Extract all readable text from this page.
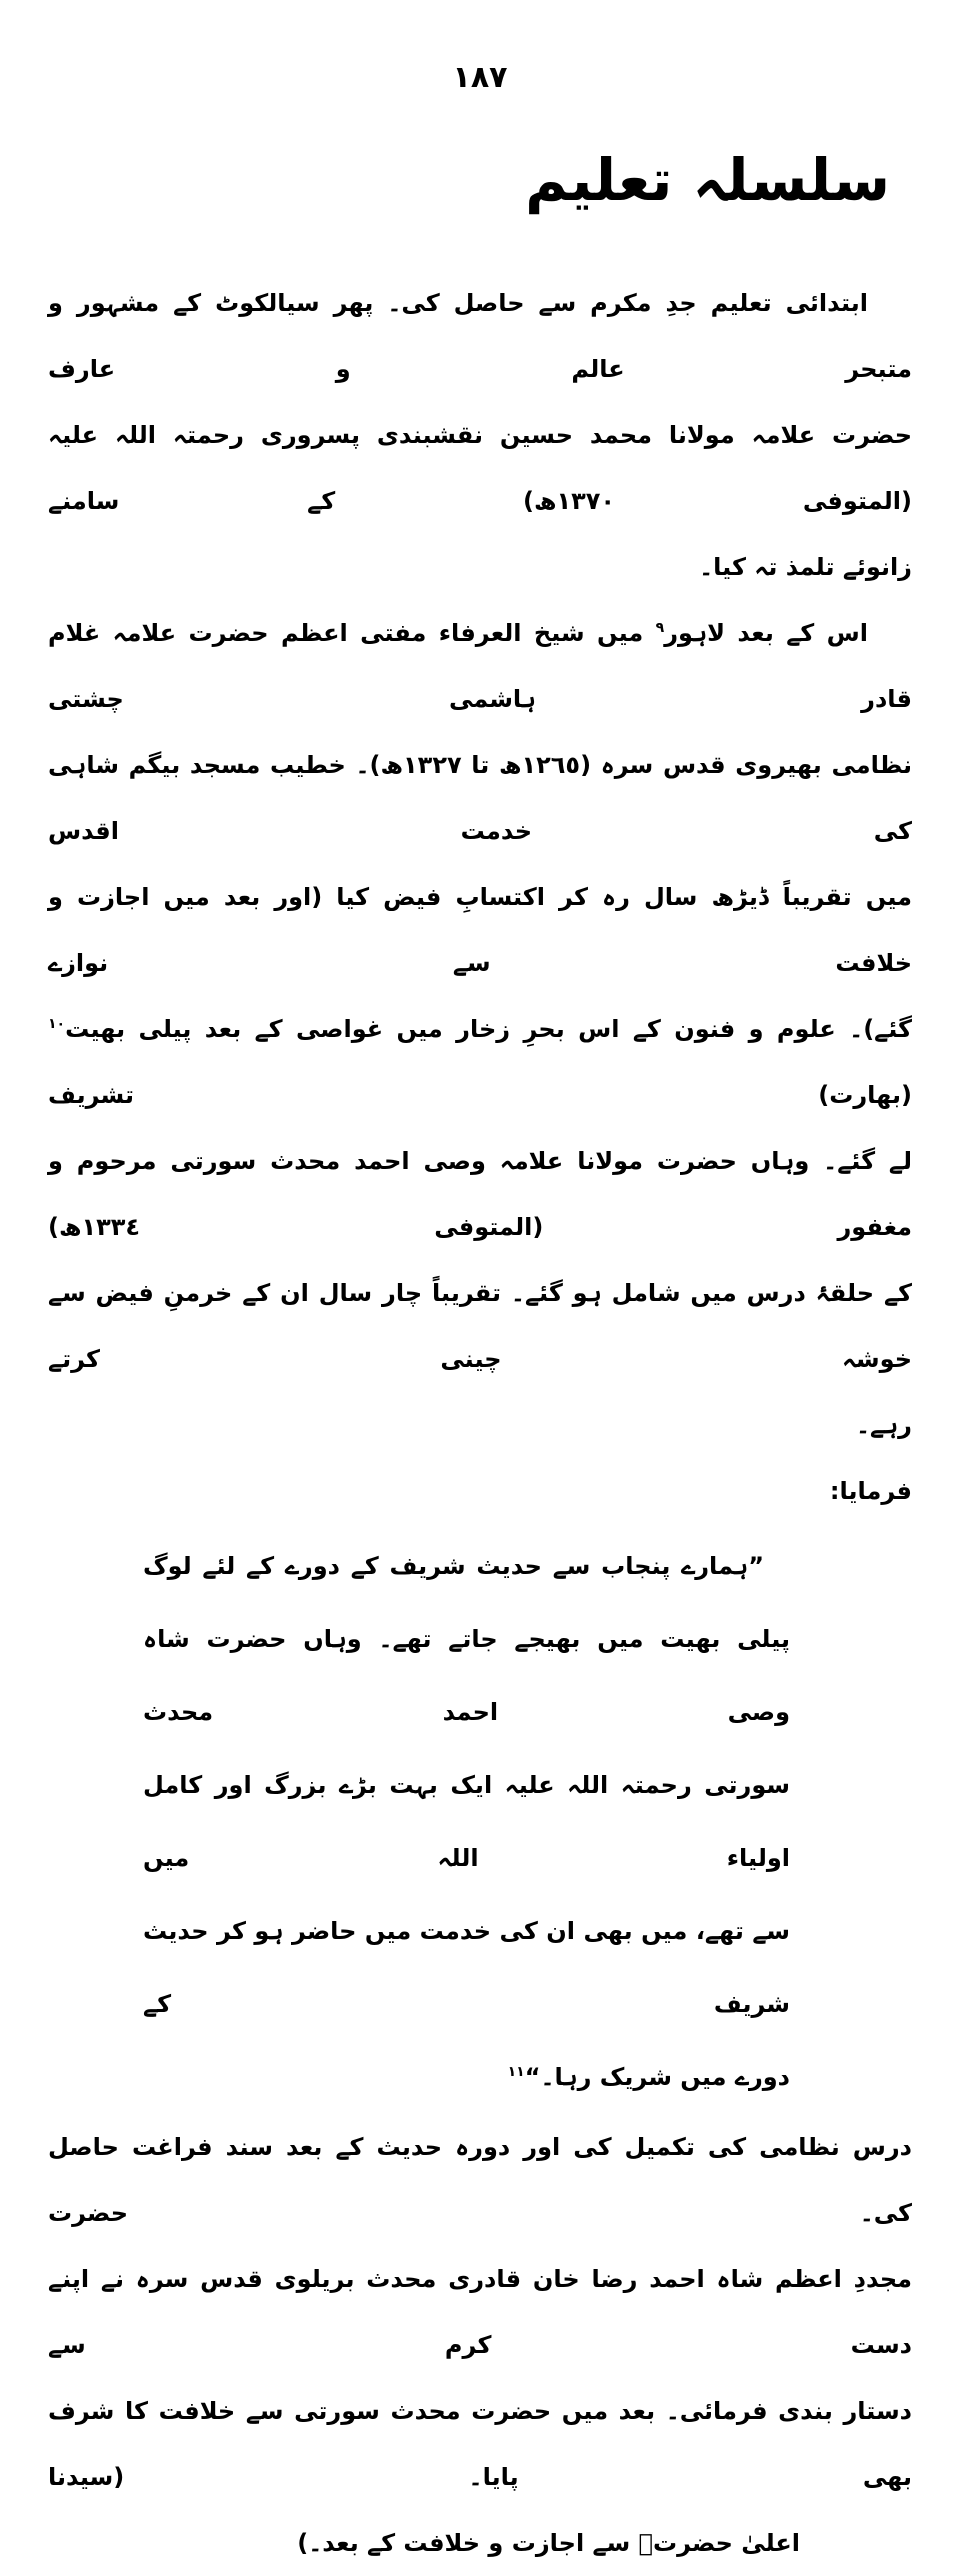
١٨٧
سلسلہ تعلیم
ابتدائی تعلیم جدِ مکرم سے حاصل کی۔ پھر سیالکوٹ کے مشہور و متبحر عالم و عارف
حضرت علامہ مولانا محمد حسین نقشبندی پسروری رحمتہ اللہ علیہ (المتوفی ١٣٧٠ھ) کے سامنے
زانوئے تلمذ تہ کیا۔
اس کے بعد لاہور$^٩$ میں شیخ العرفاء مفتی اعظم حضرت علامہ غلام قادر ہاشمی چشتی
نظامی بھیروی قدس سرہ (١٢٦٥ھ تا ١٣٢٧ھ)۔ خطیب مسجد بیگم شاہی کی خدمت اقدس
میں تقریباً ڈیڑھ سال رہ کر اکتسابِ فیض کیا (اور بعد میں اجازت و خلافت سے نوازے
گئے)۔ علوم و فنون کے اس بحرِ زخار میں غواصی کے بعد پیلی بھیت$^{١٠}$ (بھارت) تشریف
لے گئے۔ وہاں حضرت مولانا علامہ وصی احمد محدث سورتی مرحوم و مغفور (المتوفی ١٣٣٤ھ)
کے حلقۂ درس میں شامل ہو گئے۔ تقریباً چار سال ان کے خرمنِ فیض سے خوشہ چینی کرتے
رہے۔
فرمایا:
”ہمارے پنجاب سے حدیث شریف کے دورے کے لئے لوگ
پیلی بھیت میں بھیجے جاتے تھے۔ وہاں حضرت شاہ وصی احمد محدث
سورتی رحمتہ اللہ علیہ ایک بہت بڑے بزرگ اور کامل اولیاء اللہ میں
سے تھے، میں بھی ان کی خدمت میں حاضر ہو کر حدیث شریف کے
دورے میں شریک رہا۔“$^{١١}$
درس نظامی کی تکمیل کی اور دورہ حدیث کے بعد سند فراغت حاصل کی۔ حضرت
مجددِ اعظم شاہ احمد رضا خان قادری محدث بریلوی قدس سرہ نے اپنے دست کرم سے
دستار بندی فرمائی۔ بعد میں حضرت محدث سورتی سے خلافت کا شرف بھی پایا۔ (سیدنا
اعلیٰ حضرتؒ سے اجازت و خلافت کے بعد۔)
